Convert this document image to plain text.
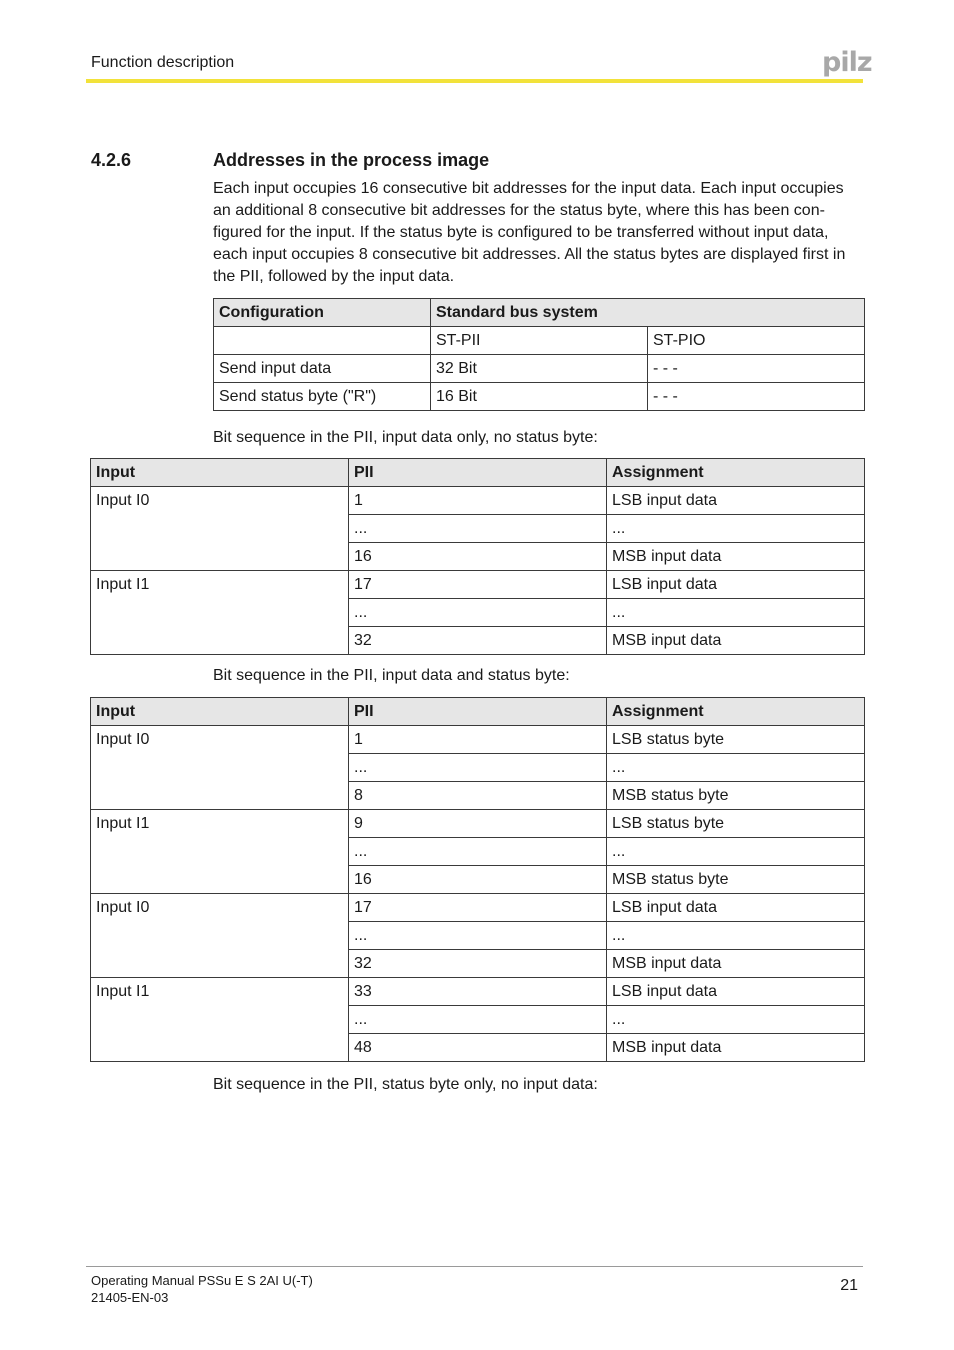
Function description	pilz
4.2.6	Addresses in the process image

Each input occupies 16 consecutive bit addresses for the input data. Each input occupies
an additional 8 consecutive bit addresses for the status byte, where this has been con-
figured for the input. If the status byte is configured to be transferred without input data,
each input occupies 8 consecutive bit addresses. All the status bytes are displayed first in
the PII, followed by the input data.

Configuration	Standard bus system	
	ST-PII	ST-PIO
Send input data	32 Bit	- - -
Send status byte ("R")	16 Bit	- - -
Bit sequence in the PII, input data only, no status byte:
Input	PII	Assignment
Input I0	1	LSB input data
	...	...
	16	MSB input data
Input I1	17	LSB input data
	...	...
	32	MSB input data
Bit sequence in the PII, input data and status byte:
Input	PII	Assignment
Input I0	1	LSB status byte
	...	...
	8	MSB status byte
Input I1	9	LSB status byte
	...	...
	16	MSB status byte
Input I0	17	LSB input data
	...	...
	32	MSB input data
Input I1	33	LSB input data
	...	...
	48	MSB input data
Bit sequence in the PII, status byte only, no input data:
Operating Manual PSSu E S 2AI U(-T)
21405-EN-03
21
